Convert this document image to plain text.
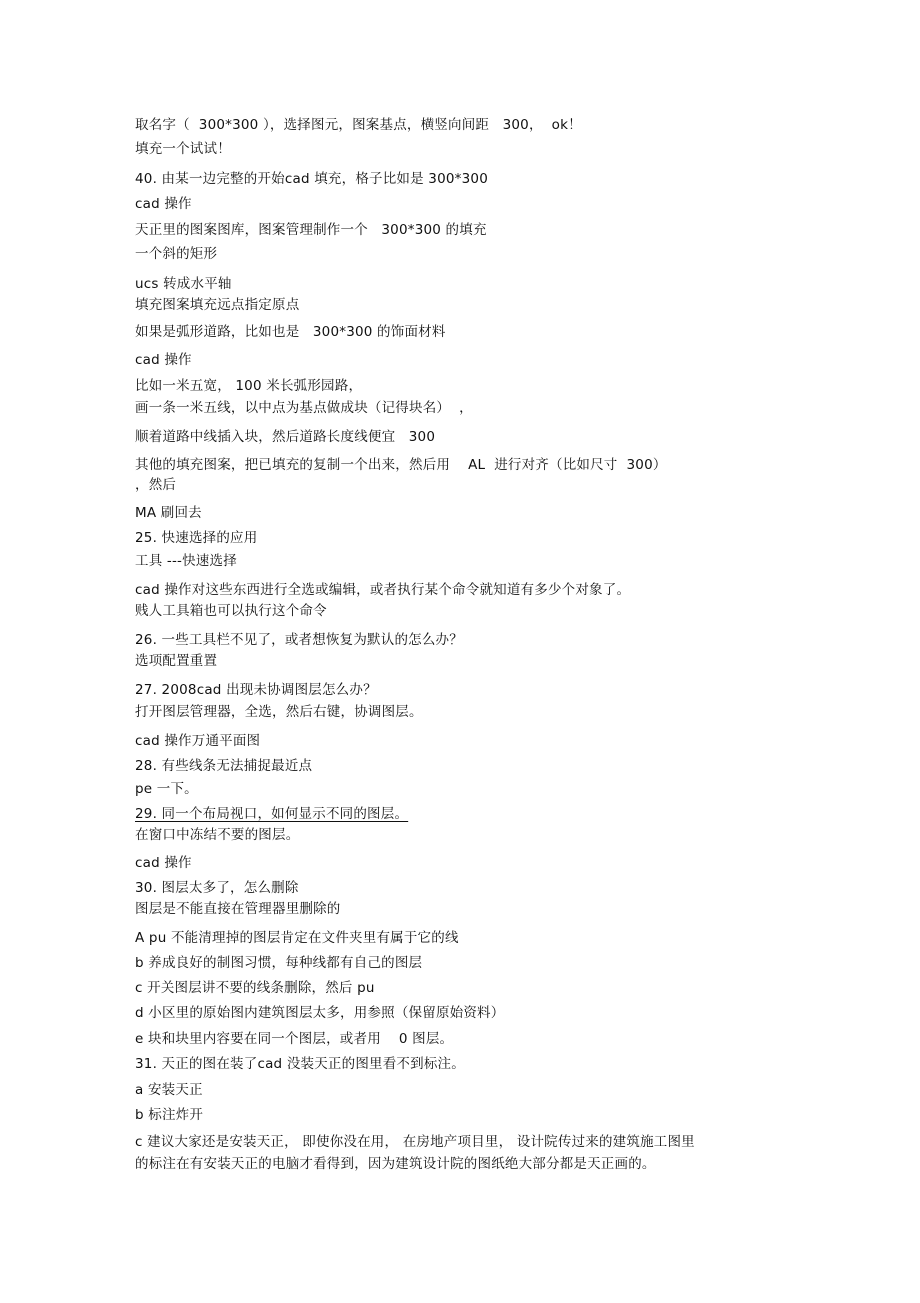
取名字（  300*300 ），选择图元，图案基点，横竖向间距   300，  ok！
填充一个试试！
40. 由某一边完整的开始cad 填充，格子比如是 300*300
cad 操作
天正里的图案图库，图案管理制作一个   300*300 的填充
一个斜的矩形
ucs 转成水平轴
填充图案填充远点指定原点
如果是弧形道路，比如也是   300*300 的饰面材料
cad 操作
比如一米五宽， 100 米长弧形园路，
画一条一米五线，以中点为基点做成块（记得块名）  ，
顺着道路中线插入块，然后道路长度线便宜   300
其他的填充图案，把已填充的复制一个出来，然后用    AL  进行对齐（比如尺寸  300）
，然后
MA 刷回去
25. 快速选择的应用
工具 ---快速选择
cad 操作对这些东西进行全选或编辑，或者执行某个命令就知道有多少个对象了。
贱人工具箱也可以执行这个命令
26. 一些工具栏不见了，或者想恢复为默认的怎么办？
选项配置重置
27. 2008cad 出现未协调图层怎么办？
打开图层管理器，全选，然后右键，协调图层。
cad 操作万通平面图
28. 有些线条无法捕捉最近点
pe 一下。
29. 同一个布局视口，如何显示不同的图层。
在窗口中冻结不要的图层。
cad 操作
30. 图层太多了，怎么删除
图层是不能直接在管理器里删除的
A pu 不能清理掉的图层肯定在文件夹里有属于它的线
b 养成良好的制图习惯，每种线都有自己的图层
c 开关图层讲不要的线条删除，然后 pu
d 小区里的原始图内建筑图层太多，用参照（保留原始资料）
e 块和块里内容要在同一个图层，或者用    0 图层。
31. 天正的图在装了cad 没装天正的图里看不到标注。
a 安装天正
b 标注炸开
c 建议大家还是安装天正， 即使你没在用， 在房地产项目里， 设计院传过来的建筑施工图里
的标注在有安装天正的电脑才看得到，因为建筑设计院的图纸绝大部分都是天正画的。
